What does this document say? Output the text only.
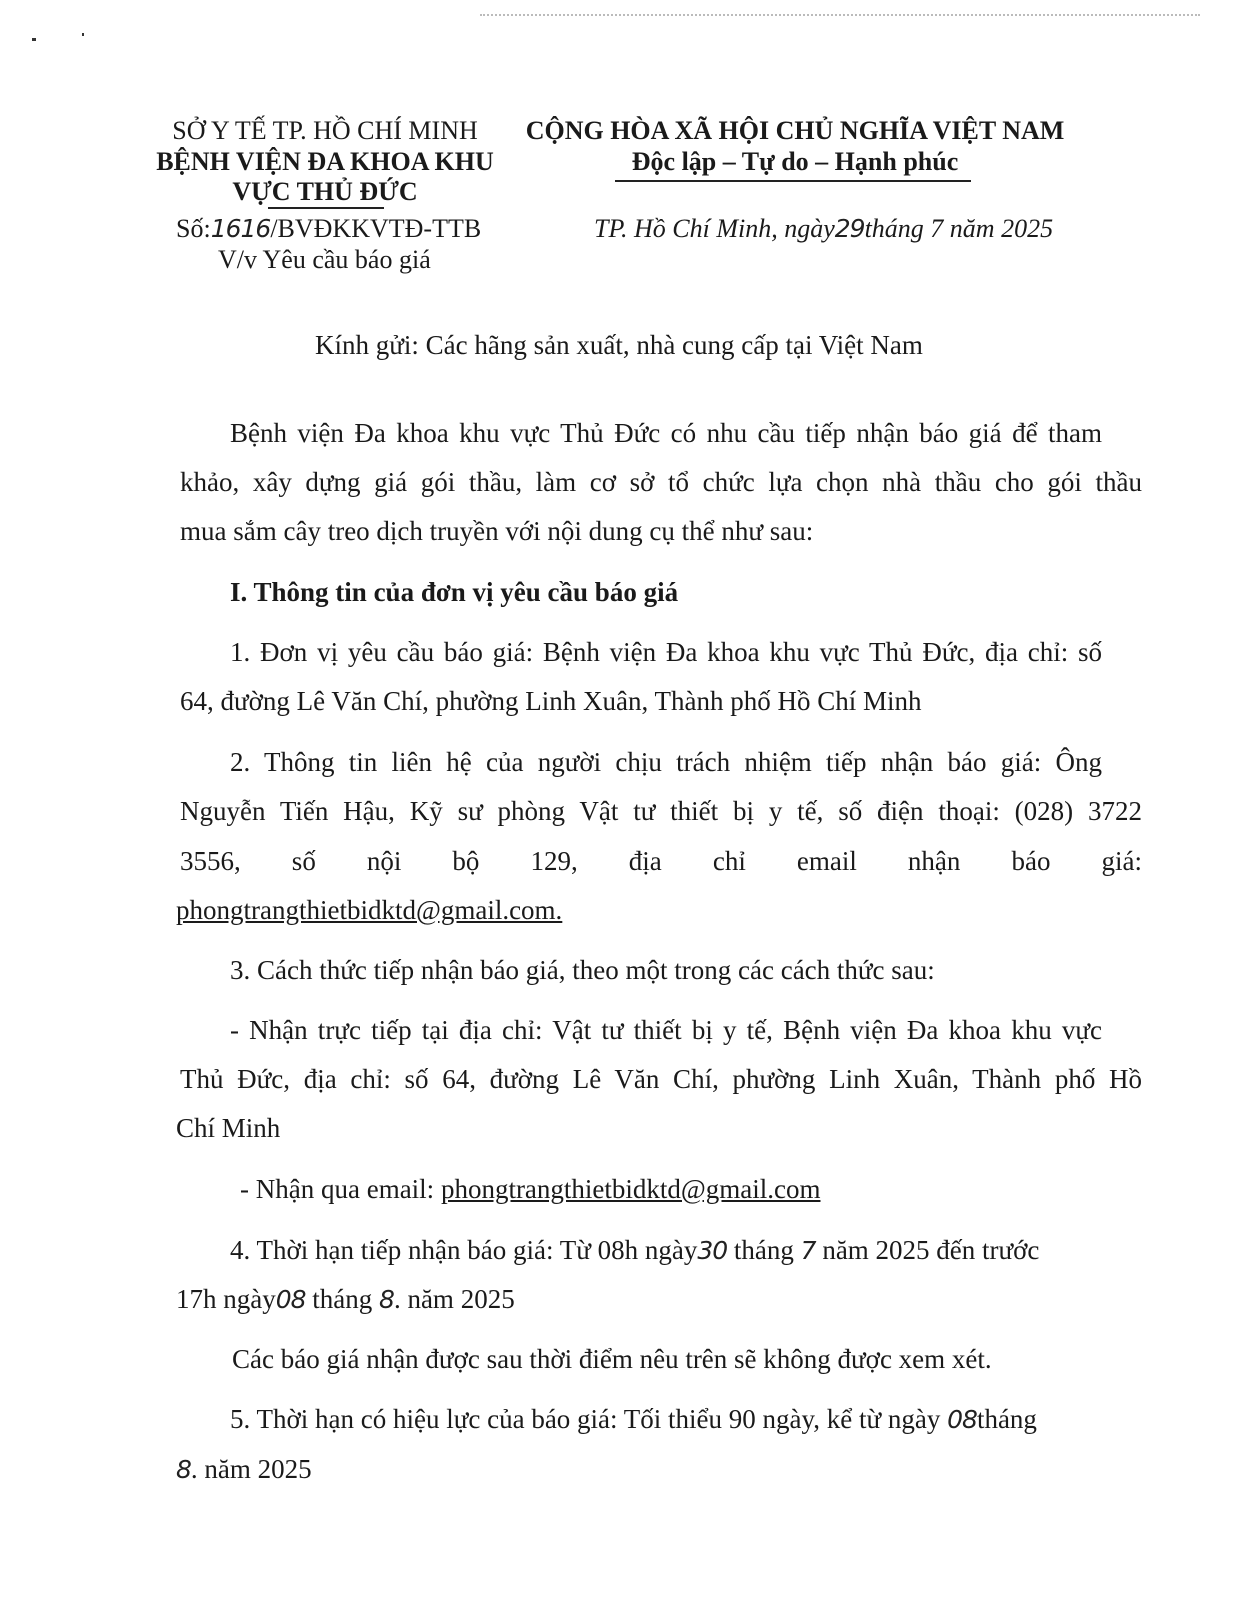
SỞ Y TẾ TP. HỒ CHÍ MINH
BỆNH VIỆN ĐA KHOA KHU
VỰC THỦ ĐỨC
Số:1616/BVĐKKVTĐ-TTB
V/v Yêu cầu báo giá
CỘNG HÒA XÃ HỘI CHỦ NGHĨA VIỆT NAM
Độc lập – Tự do – Hạnh phúc
TP. Hồ Chí Minh, ngày29tháng 7 năm 2025
Kính gửi: Các hãng sản xuất, nhà cung cấp tại Việt Nam
Bệnh viện Đa khoa khu vực Thủ Đức có nhu cầu tiếp nhận báo giá để tham
khảo, xây dựng giá gói thầu, làm cơ sở tổ chức lựa chọn nhà thầu cho gói thầu
mua sắm cây treo dịch truyền với nội dung cụ thể như sau:
I. Thông tin của đơn vị yêu cầu báo giá
1. Đơn vị yêu cầu báo giá: Bệnh viện Đa khoa khu vực Thủ Đức, địa chỉ: số
64, đường Lê Văn Chí, phường Linh Xuân, Thành phố Hồ Chí Minh
2. Thông tin liên hệ của người chịu trách nhiệm tiếp nhận báo giá: Ông
Nguyễn Tiến Hậu, Kỹ sư phòng Vật tư thiết bị y tế, số điện thoại: (028) 3722
3556, số nội bộ 129, địa chỉ email nhận báo giá:
phongtrangthietbidktd@gmail.com.
3. Cách thức tiếp nhận báo giá, theo một trong các cách thức sau:
- Nhận trực tiếp tại địa chỉ: Vật tư thiết bị y tế, Bệnh viện Đa khoa khu vực
Thủ Đức, địa chỉ: số 64, đường Lê Văn Chí, phường Linh Xuân, Thành phố Hồ
Chí Minh
- Nhận qua email: phongtrangthietbidktd@gmail.com
4. Thời hạn tiếp nhận báo giá: Từ 08h ngày30 tháng 7 năm 2025 đến trước
17h ngày08 tháng 8. năm 2025
Các báo giá nhận được sau thời điểm nêu trên sẽ không được xem xét.
5. Thời hạn có hiệu lực của báo giá: Tối thiểu 90 ngày, kể từ ngày 08tháng
8. năm 2025
